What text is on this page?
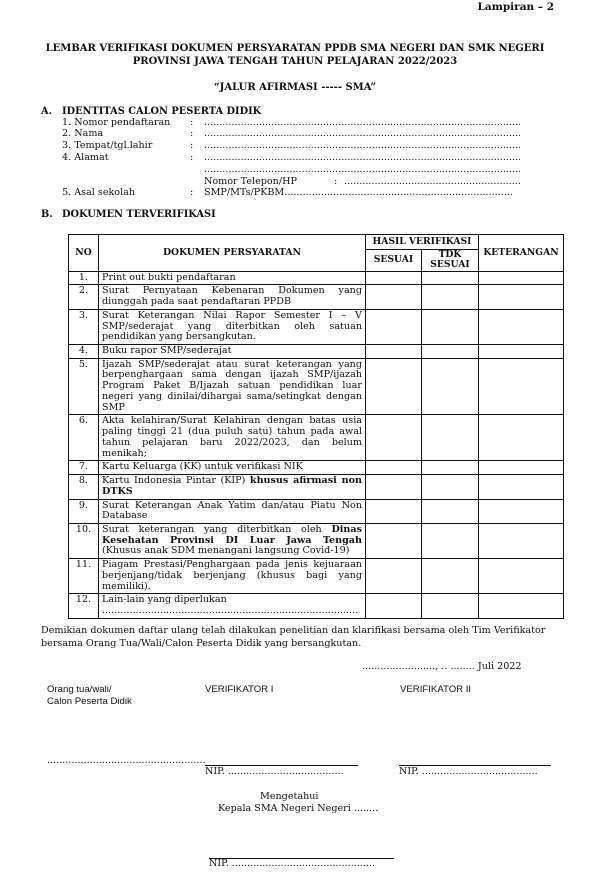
Lampiran – 2
LEMBAR VERIFIKASI DOKUMEN PERSYARATAN PPDB SMA NEGERI DAN SMK NEGERI
PROVINSI JAWA TENGAH TAHUN PELAJARAN 2022/2023
“JALUR AFIRMASI ----- SMA”
A. IDENTITAS CALON PESERTA DIDIK
1. Nomor pendaftaran :
.....
2. Nama	:
.....
3. Tempat/tgl.lahir	:
.....
4. Alamat	:
.....
.....
Nomor Telepon/HP	:
.....
5. Asal sekolah	: SMP/MTs/PKBM.....
B. DOKUMEN TERVERIFIKASI
NO	DOKUMEN PERSYARATAN	HASIL VERIFIKASI		KETERANGAN
		SESUAI	TDK SESUAI	
1.	Print out bukti pendaftaran			
2.	Surat Pernyataan Kebenaran Dokumen yang diunggah pada saat pendaftaran PPDB			
3.	Surat Keterangan Nilai Rapor Semester I – V SMP/sederajat yang diterbitkan oleh satuan pendidikan yang bersangkutan.			
4.	Buku rapor SMP/sederajat			
5.	Ijazah SMP/sederajat atau surat keterangan yang berpenghargaan sama dengan ijazah SMP/ijazah Program Paket B/Ijazah satuan pendidikan luar negeri yang dinilai/dihargai sama/setingkat dengan SMP			
6.	Akta kelahiran/Surat Kelahiran dengan batas usia paling tinggi 21 (dua puluh satu) tahun pada awal tahun pelajaran baru 2022/2023, dan belum menikah;			
7.	Kartu Keluarga (KK) untuk verifikasi NIK			
8.	Kartu Indonesia Pintar (KIP) khusus afirmasi non DTKS			
9.	Surat Keterangan Anak Yatim dan/atau Piatu Non Database			
10.	Surat keterangan yang diterbitkan oleh Dinas Kesehatan Provinsi DI Luar Jawa Tengah (Khusus anak SDM menangani langsung Covid-19)			
11.	Piagam Prestasi/Penghargaan pada jenis kejuaraan berjenjang/tidak berjenjang (khusus bagi yang memiliki).			
12.	Lain-lain yang diperlukan
.....

Demikian dokumen daftar ulang telah dilakukan penelitian dan klarifikasi bersama oleh Tim Verifikator
bersama Orang Tua/Wali/Calon Peserta Didik yang bersangkutan.
........................, .. ........ Juli 2022
Orang tua/wali/
Calon Peserta Didik
VERIFIKATOR I	VERIFIKATOR II
....................................................
NIP. ......................................	NIP. ......................................
Mengetahui
Kepala SMA Negeri Negeri ........
NIP. ...............................................
